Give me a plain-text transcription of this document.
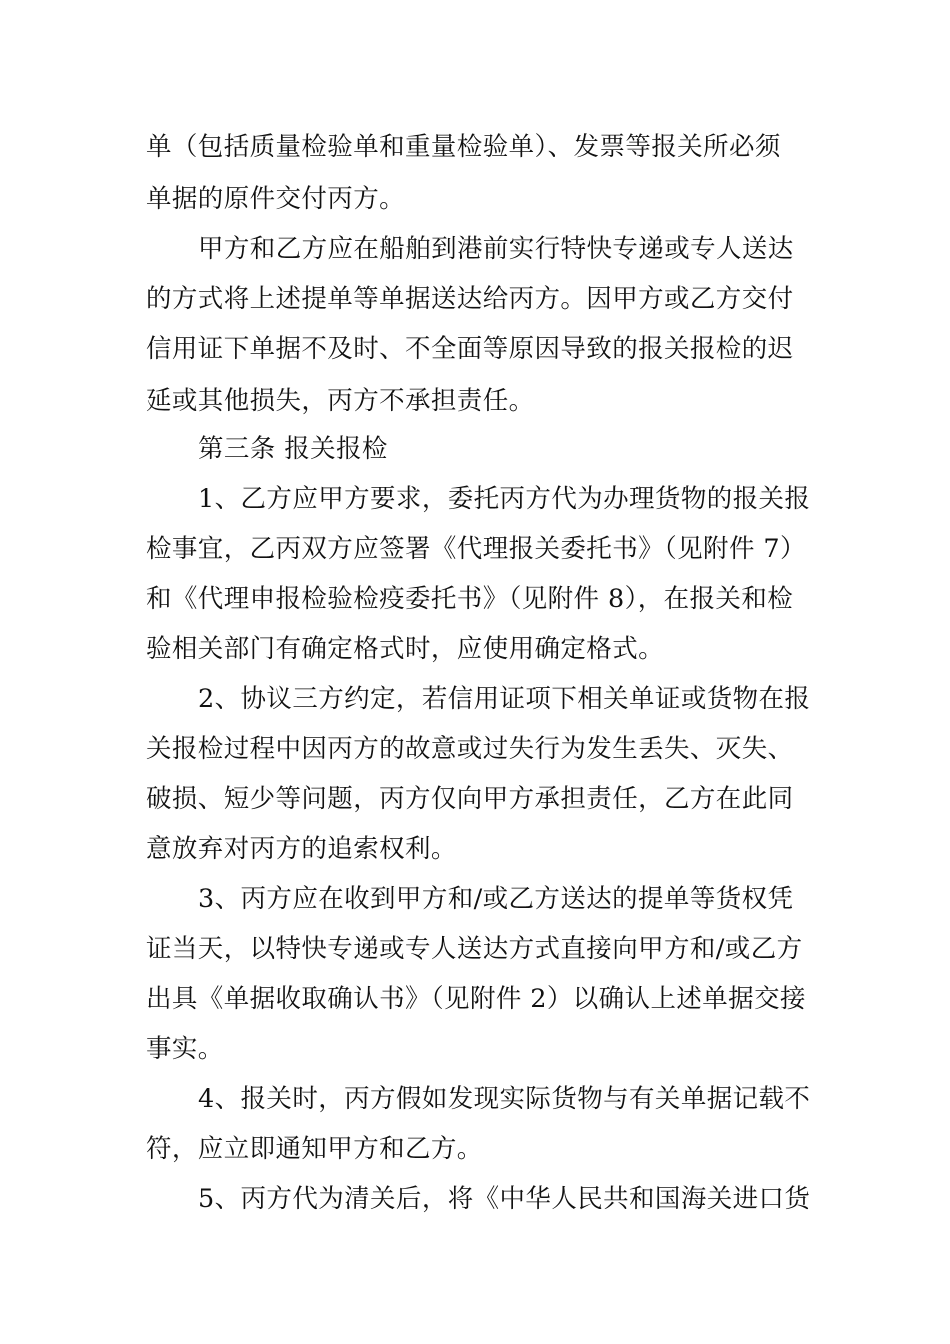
单（包括质量检验单和重量检验单）、发票等报关所必须
单据的原件交付丙方。
甲方和乙方应在船舶到港前实行特快专递或专人送达
的方式将上述提单等单据送达给丙方。因甲方或乙方交付
信用证下单据不及时、不全面等原因导致的报关报检的迟
延或其他损失，丙方不承担责任。
第三条 报关报检
1、乙方应甲方要求，委托丙方代为办理货物的报关报
检事宜，乙丙双方应签署《代理报关委托书》（见附件 7）
和《代理申报检验检疫委托书》（见附件 8），在报关和检
验相关部门有确定格式时，应使用确定格式。
2、协议三方约定，若信用证项下相关单证或货物在报
关报检过程中因丙方的故意或过失行为发生丢失、灭失、
破损、短少等问题，丙方仅向甲方承担责任，乙方在此同
意放弃对丙方的追索权利。
3、丙方应在收到甲方和/或乙方送达的提单等货权凭
证当天，以特快专递或专人送达方式直接向甲方和/或乙方
出具《单据收取确认书》（见附件 2）以确认上述单据交接
事实。
4、报关时，丙方假如发现实际货物与有关单据记载不
符，应立即通知甲方和乙方。
5、丙方代为清关后，将《中华人民共和国海关进口货
